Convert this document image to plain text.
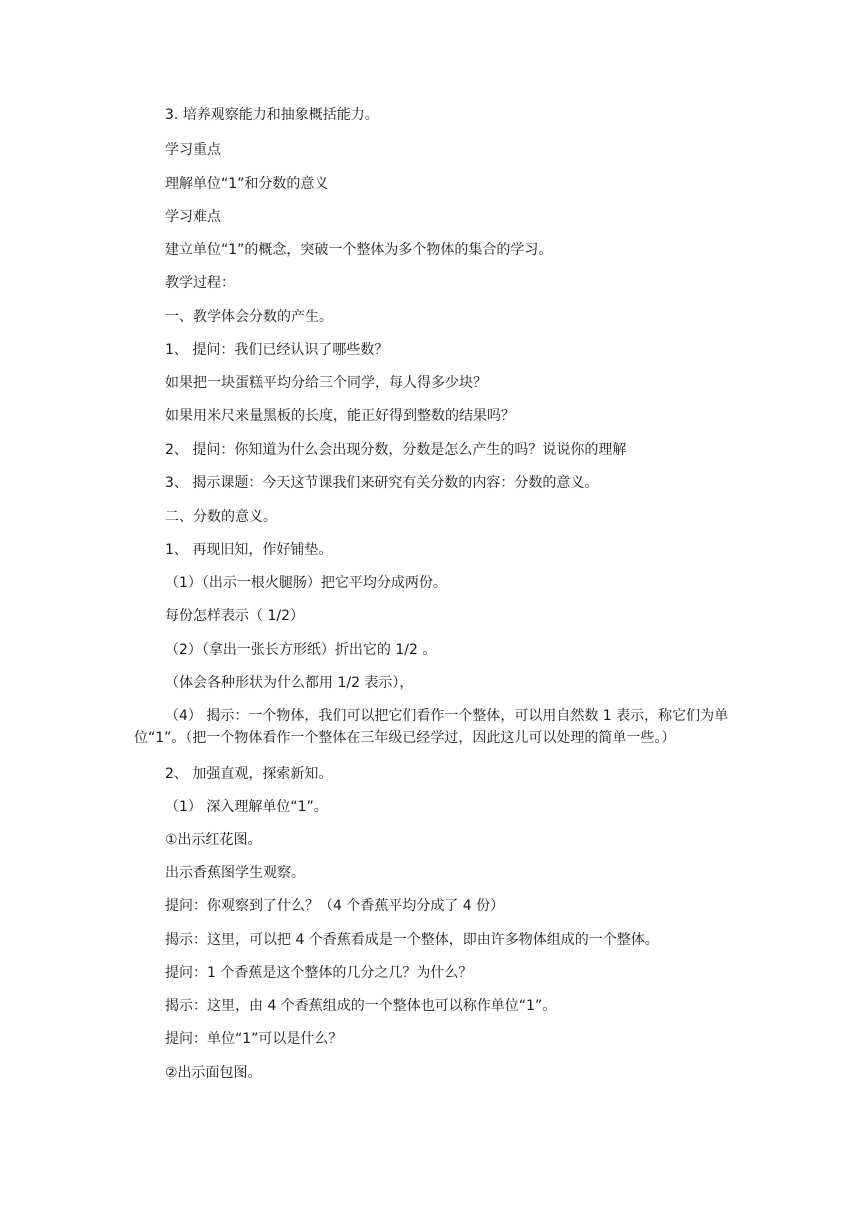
3. 培养观察能力和抽象概括能力。
学习重点
理解单位“1”和分数的意义
学习难点
建立单位“1”的概念，突破一个整体为多个物体的集合的学习。
教学过程：
一、教学体会分数的产生。
1、 提问：我们已经认识了哪些数？
如果把一块蛋糕平均分给三个同学，每人得多少块？
如果用米尺来量黑板的长度，能正好得到整数的结果吗？
2、 提问：你知道为什么会出现分数，分数是怎么产生的吗？说说你的理解
3、 揭示课题：今天这节课我们来研究有关分数的内容：分数的意义。
二、分数的意义。
1、 再现旧知，作好铺垫。
（1）（出示一根火腿肠）把它平均分成两份。
每份怎样表示（ 1/2）
（2）（拿出一张长方形纸）折出它的 1/2 。
（体会各种形状为什么都用 1/2 表示），
（4） 揭示：一个物体，我们可以把它们看作一个整体，可以用自然数 1 表示，称它们为单位“1”。（把一个物体看作一个整体在三年级已经学过，因此这儿可以处理的简单一些。）
2、 加强直观，探索新知。
（1） 深入理解单位“1”。
①出示红花图。
出示香蕉图学生观察。
提问：你观察到了什么？（4 个香蕉平均分成了 4 份）
揭示：这里，可以把 4 个香蕉看成是一个整体，即由许多物体组成的一个整体。
提问：1 个香蕉是这个整体的几分之几？为什么？
揭示：这里，由 4 个香蕉组成的一个整体也可以称作单位“1”。
提问：单位“1”可以是什么？
②出示面包图。
